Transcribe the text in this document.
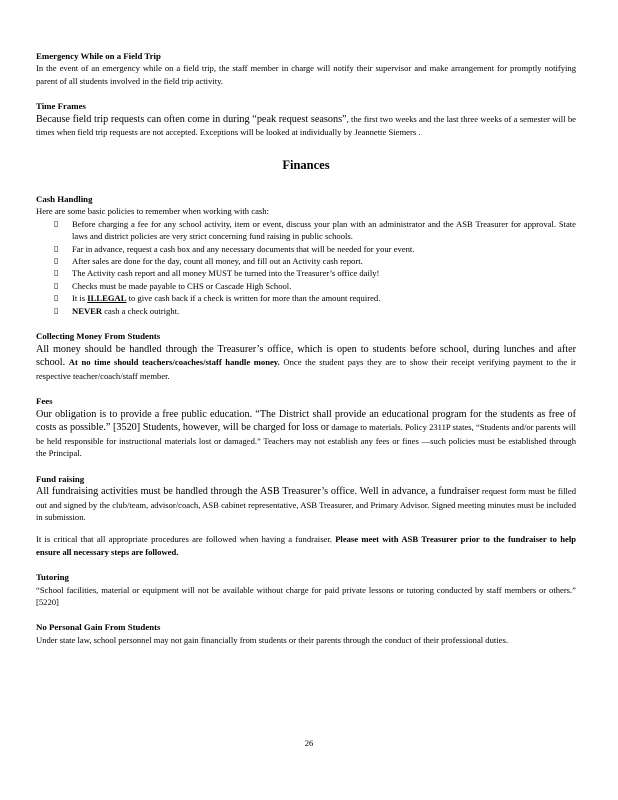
Emergency While on a Field Trip

In the event of an emergency while on a field trip, the staff member in charge will notify their supervisor and make arrangement for promptly notifying parent of all students involved in the field trip activity.

Time Frames

Because field trip requests can often come in during “peak request seasons”, the first two weeks and the last three weeks of a semester will be times when field trip requests are not accepted. Exceptions will be looked at individually by Jeannette Siemers .

Finances
Cash Handling

Here are some basic policies to remember when working with cash:

▯ Before charging a fee for any school activity, item or event, discuss your plan with an administrator and the ASB Treasurer for approval. State laws and district policies are very strict concerning fund raising in public schools.
▯ Far in advance, request a cash box and any necessary documents that will be needed for your event.
▯ After sales are done for the day, count all money, and fill out an Activity cash report.
▯ The Activity cash report and all money MUST be turned into the Treasurer’s office daily!
▯ Checks must be made payable to CHS or Cascade High School.
▯ It is ILLEGAL to give cash back if a check is written for more than the amount required.
▯ NEVER cash a check outright.
Collecting Money From Students

All money should be handled through the Treasurer’s office, which is open to students before school, during lunches and after school. At no time should teachers/coaches/staff handle money. Once the student pays they are to show their receipt verifying payment to the ir respective teacher/coach/staff member.

Fees

Our obligation is to provide a free public education. “The District shall provide an educational program for the students as free of costs as possible.” [3520] Students, however, will be charged for loss or damage to materials. Policy 2311P states, “Students and/or parents will be held responsible for instructional materials lost or damaged.” Teachers may not establish any fees or fines —such policies must be established through the Principal.

Fund raising

All fundraising activities must be handled through the ASB Treasurer’s office. Well in advance, a fundraiser request form must be filled out and signed by the club/team, advisor/coach, ASB cabinet representative, ASB Treasurer, and Primary Advisor. Signed meeting minutes must be included in submission.

It is critical that all appropriate procedures are followed when having a fundraiser. Please meet with ASB Treasurer prior to the fundraiser to help ensure all necessary steps are followed.

Tutoring

“School facilities, material or equipment will not be available without charge for paid private lessons or tutoring conducted by staff members or others.” [5220]

No Personal Gain From Students

Under state law, school personnel may not gain financially from students or their parents through the conduct of their professional duties.

26
